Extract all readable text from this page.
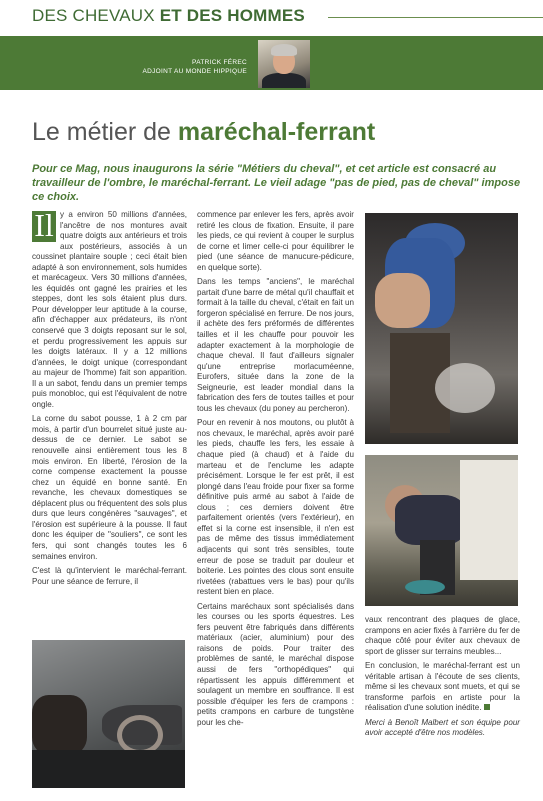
DES CHEVAUX ET DES HOMMES
PATRICK FÉREC
ADJOINT AU MONDE HIPPIQUE
Le métier de maréchal-ferrant
Pour ce Mag, nous inaugurons la série "Métiers du cheval", et cet article est consacré au travailleur de l'ombre, le maréchal-ferrant. Le vieil adage "pas de pied, pas de cheval" impose ce choix.

Il y a environ 50 millions d'années, l'ancêtre de nos montures avait quatre doigts aux antérieurs et trois aux postérieurs, associés à un coussinet plantaire souple ; ceci était bien adapté à son environnement, sols humides et marécageux. Vers 30 millions d'années, les équidés ont gagné les prairies et les steppes, dont les sols étaient plus durs. Pour développer leur aptitude à la course, afin d'échapper aux prédateurs, ils n'ont conservé que 3 doigts reposant sur le sol, et perdu progressivement les appuis sur les doigts latéraux. Il y a 12 millions d'années, le doigt unique (correspondant au majeur de l'homme) fait son apparition. Il a un sabot, fendu dans un premier temps puis monobloc, qui est l'équivalent de notre ongle.

La corne du sabot pousse, 1 à 2 cm par mois, à partir d'un bourrelet situé juste au-dessus de ce dernier. Le sabot se renouvelle ainsi entièrement tous les 8 mois environ. En liberté, l'érosion de la corne compense exactement la pousse chez un équidé en bonne santé. En revanche, les chevaux domestiques se déplacent plus ou fréquentent des sols plus durs que leurs congénères "sauvages", et l'érosion est supérieure à la pousse. Il faut donc les équiper de "souliers", ce sont les fers, qui sont changés toutes les 6 semaines environ.

C'est là qu'intervient le maréchal-ferrant. Pour une séance de ferrure, il

commence par enlever les fers, après avoir retiré les clous de fixation. Ensuite, il pare les pieds, ce qui revient à couper le surplus de corne et limer celle-ci pour équilibrer le pied (une séance de manucure-pédicure, en quelque sorte).

Dans les temps "anciens", le maréchal partait d'une barre de métal qu'il chauffait et formait à la taille du cheval, c'était en fait un forgeron spécialisé en ferrure. De nos jours, il achète des fers préformés de différentes tailles et il les chauffe pour pouvoir les adapter exactement à la morphologie de chaque cheval. Il faut d'ailleurs signaler qu'une entreprise morlacuméenne, Eurofers, située dans la zone de la Seigneurie, est leader mondial dans la fabrication des fers de toutes tailles et pour tous les chevaux (du poney au percheron).

Pour en revenir à nos moutons, ou plutôt à nos chevaux, le maréchal, après avoir paré les pieds, chauffe les fers, les essaie à chaque pied (à chaud) et à l'aide du marteau et de l'enclume les adapte précisément. Lorsque le fer est prêt, il est plongé dans l'eau froide pour fixer sa forme définitive puis armé au sabot à l'aide de clous ; ces derniers doivent être parfaitement orientés (vers l'extérieur), en effet si la corne est insensible, il n'en est pas de même des tissus immédiatement adjacents qui sont très sensibles, toute erreur de pose se traduit par douleur et boiterie. Les pointes des clous sont ensuite rivetées (rabattues vers le bas) pour qu'ils restent bien en place.

Certains maréchaux sont spécialisés dans les courses ou les sports équestres. Les fers peuvent être fabriqués dans différents matériaux (acier, aluminium) pour des raisons de poids. Pour traiter des problèmes de santé, le maréchal dispose aussi de fers "orthopédiques" qui répartissent les appuis différemment et soulagent un membre en souffrance. Il est possible d'équiper les fers de crampons : petits crampons en carbure de tungstène pour les che-

vaux rencontrant des plaques de glace, crampons en acier fixés à l'arrière du fer de chaque côté pour éviter aux chevaux de sport de glisser sur terrains meubles...

En conclusion, le maréchal-ferrant est un véritable artisan à l'écoute de ses clients, même si les chevaux sont muets, et qui se transforme parfois en artiste pour la réalisation d'une solution inédite.

Merci à Benoît Malbert et son équipe pour avoir accepté d'être nos modèles.
